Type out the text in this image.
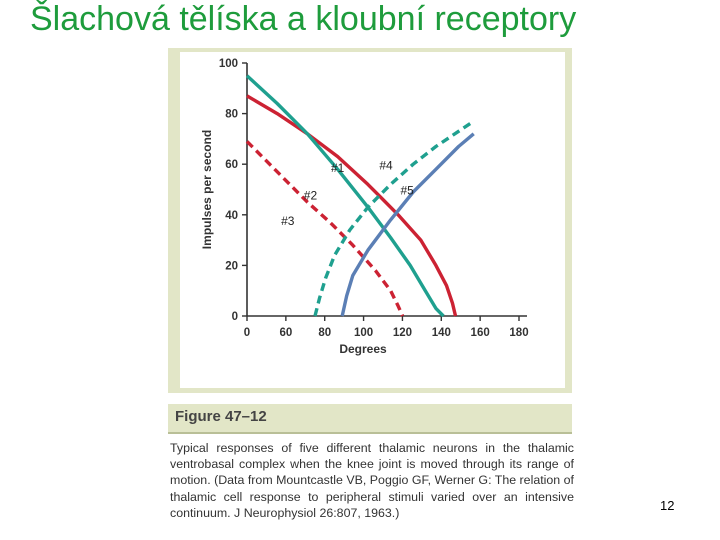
Šlachová tělíska a kloubní receptory
0	60 80 100 120 140 160 180
0
20
40
60
80
100
#1
#2
#3
#4
#5
Degrees
Impulses per second
Figure 47–12
Typical responses of five different thalamic neurons in the thalamic ventrobasal complex when the knee joint is moved through its range of motion. (Data from Mountcastle VB, Poggio GF, Werner G: The relation of thalamic cell response to peripheral stimuli varied over an intensive continuum. J Neurophysiol 26:807, 1963.)	12
